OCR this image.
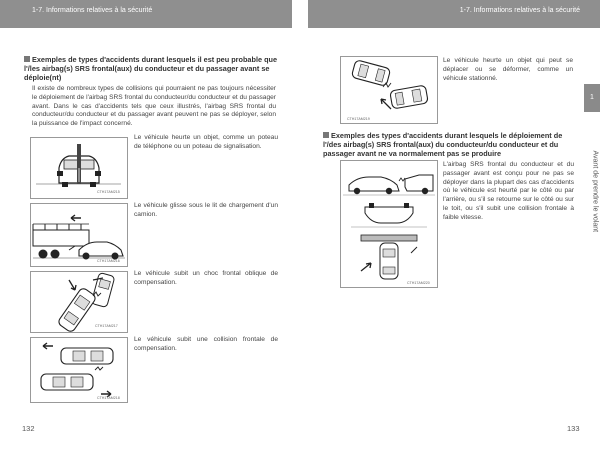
1-7. Informations relatives à la sécurité	1-7. Informations relatives à la sécurité
1
Avant de prendre le volant
Exemples de types d'accidents durant lesquels il est peu probable que l'/les airbag(s) SRS frontal(aux) du conducteur et du passager avant se déploie(nt)
Il existe de nombreux types de collisions qui pourraient ne pas toujours nécessiter le déploiement de l'airbag SRS frontal du conducteur/du conducteur et du passager avant. Dans le cas d'accidents tels que ceux illustrés, l'airbag SRS frontal du conducteur/du conducteur et du passager avant peuvent ne pas se déployer, selon la puissance de l'impact concerné.
CTH17AM215
Le véhicule heurte un objet, comme un poteau de téléphone ou un poteau de signalisation.
CTH17AM216
Le véhicule glisse sous le lit de chargement d'un camion.
CTH17AM217
Le véhicule subit un choc frontal oblique de compensation.
CTH17AM218
Le véhicule subit une collision frontale de compensation.
132
CTH17AM219
Le véhicule heurte un objet qui peut se déplacer ou se déformer, comme un véhicule stationné.
Exemples des types d'accidents durant lesquels le déploiement de l'/des airbag(s) SRS frontal(aux) du conducteur/du conducteur et du passager avant ne va normalement pas se produire
CTH17AM220
L'airbag SRS frontal du conducteur et du passager avant est conçu pour ne pas se déployer dans la plupart des cas d'accidents où le véhicule est heurté par le côté ou par l'arrière, ou s'il se retourne sur le côté ou sur le toit, ou s'il subit une collision frontale à faible vitesse.
133
